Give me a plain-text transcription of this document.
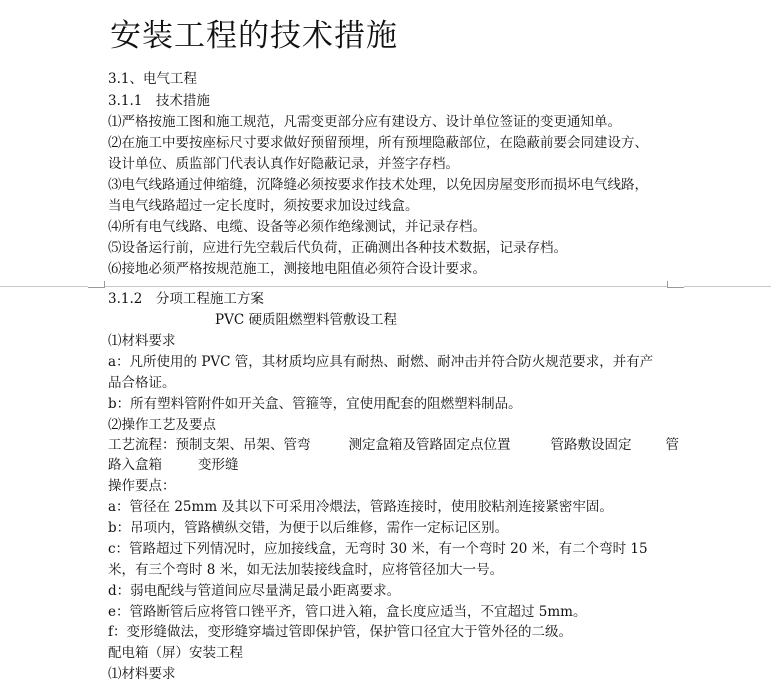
安装工程的技术措施
3.1、电气工程
3.1.1　技术措施
⑴严格按施工图和施工规范，凡需变更部分应有建设方、设计单位签证的变更通知单。
⑵在施工中要按座标尺寸要求做好预留预埋，所有预埋隐蔽部位，在隐蔽前要会同建设方、
设计单位、质监部门代表认真作好隐蔽记录，并签字存档。
⑶电气线路通过伸缩缝，沉降缝必须按要求作技术处理，以免因房屋变形而损坏电气线路，
当电气线路超过一定长度时，须按要求加设过线盒。
⑷所有电气线路、电缆、设备等必须作绝缘测试，并记录存档。
⑸设备运行前，应进行先空载后代负荷，正确测出各种技术数据，记录存档。
⑹接地必须严格按规范施工，测接地电阻值必须符合设计要求。
3.1.2　分项工程施工方案
PVC 硬质阻燃塑料管敷设工程
⑴材料要求
a：凡所使用的 PVC 管，其材质均应具有耐热、耐燃、耐冲击并符合防火规范要求，并有产
品合格证。
b：所有塑料管附件如开关盒、管箍等，宜使用配套的阻燃塑料制品。
⑵操作工艺及要点
工艺流程：预制支架、吊架、管弯	测定盒箱及管路固定点位置	管路敷设固定	管
路入盒箱	变形缝
操作要点：
a：管径在 25mm 及其以下可采用冷煨法，管路连接时，使用胶粘剂连接紧密牢固。
b：吊项内，管路横纵交错，为便于以后维修，需作一定标记区别。
c：管路超过下列情况时，应加接线盒，无弯时 30 米，有一个弯时 20 米，有二个弯时 15
米，有三个弯时 8 米，如无法加装接线盒时，应将管径加大一号。
d：弱电配线与管道间应尽量满足最小距离要求。
e：管路断管后应将管口锉平齐，管口进入箱，盒长度应适当，不宜超过 5mm。
f：变形缝做法，变形缝穿墙过管即保护管，保护管口径宜大于管外径的二级。
配电箱（屏）安装工程
⑴材料要求
